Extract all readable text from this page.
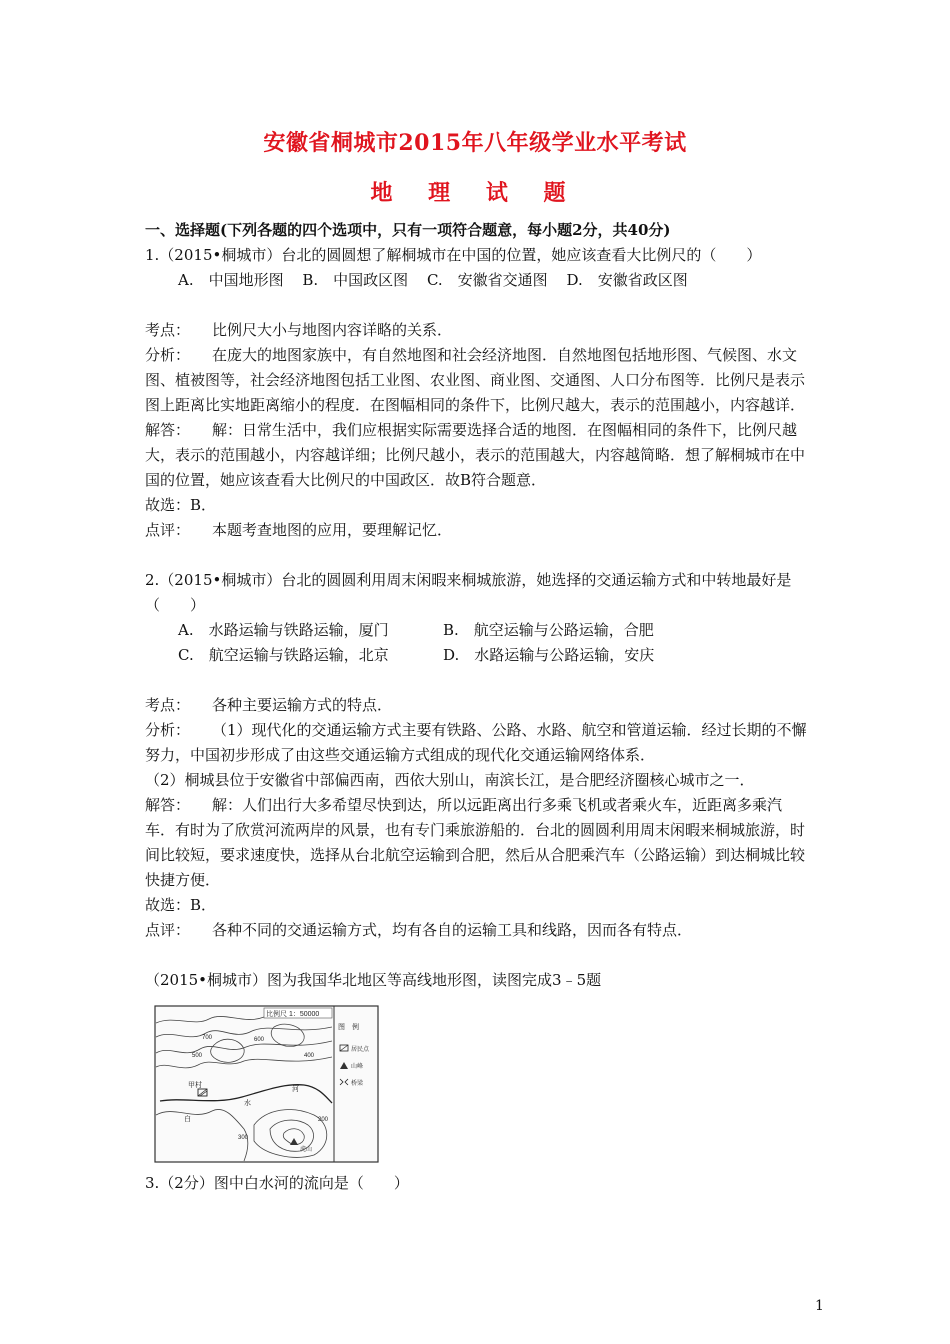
安徽省桐城市2015年八年级学业水平考试
地 理 试 题

一、选择题(下列各题的四个选项中，只有一项符合题意，每小题2分，共40分)

1.（2015•桐城市）台北的圆圆想了解桐城市在中国的位置，她应该查看大比例尺的（　　）

A.　中国地形图 B.　中国政区图 C.　安徽省交通图 D.　安徽省政区图

考点： 比例尺大小与地图内容详略的关系．

分析： 在庞大的地图家族中，有自然地图和社会经济地图．自然地图包括地形图、气候图、水文图、植被图等，社会经济地图包括工业图、农业图、商业图、交通图、人口分布图等．比例尺是表示图上距离比实地距离缩小的程度．在图幅相同的条件下，比例尺越大，表示的范围越小，内容越详．

解答： 解：日常生活中，我们应根据实际需要选择合适的地图．在图幅相同的条件下，比例尺越大，表示的范围越小，内容越详细；比例尺越小，表示的范围越大，内容越简略．想了解桐城市在中国的位置，她应该查看大比例尺的中国政区．故B符合题意．

故选：B．

点评： 本题考查地图的应用，要理解记忆．

2.（2015•桐城市）台北的圆圆利用周末闲暇来桐城旅游，她选择的交通运输方式和中转地最好是（　　）

A.　水路运输与铁路运输，厦门	B.　航空运输与公路运输，合肥

C.　航空运输与铁路运输，北京	D.　水路运输与公路运输，安庆

考点： 各种主要运输方式的特点．

分析： （1）现代化的交通运输方式主要有铁路、公路、水路、航空和管道运输．经过长期的不懈努力，中国初步形成了由这些交通运输方式组成的现代化交通运输网络体系．

（2）桐城县位于安徽省中部偏西南，西依大别山，南滨长江，是合肥经济圈核心城市之一．

解答： 解：人们出行大多希望尽快到达，所以远距离出行多乘飞机或者乘火车，近距离多乘汽车．有时为了欣赏河流两岸的风景，也有专门乘旅游船的．台北的圆圆利用周末闲暇来桐城旅游，时间比较短，要求速度快，选择从台北航空运输到合肥，然后从合肥乘汽车（公路运输）到达桐城比较快捷方便．

故选：B．

点评： 各种不同的交通运输方式，均有各自的运输工具和线路，因而各有特点．

（2015•桐城市）图为我国华北地区等高线地形图，读图完成3﹣5题

比例尺 1：50000
图　例
居民点
山峰
桥梁
甲村
白
水
河
700
500
600
400
300
200
虎山

3.（2分）图中白水河的流向是（　　）

1
